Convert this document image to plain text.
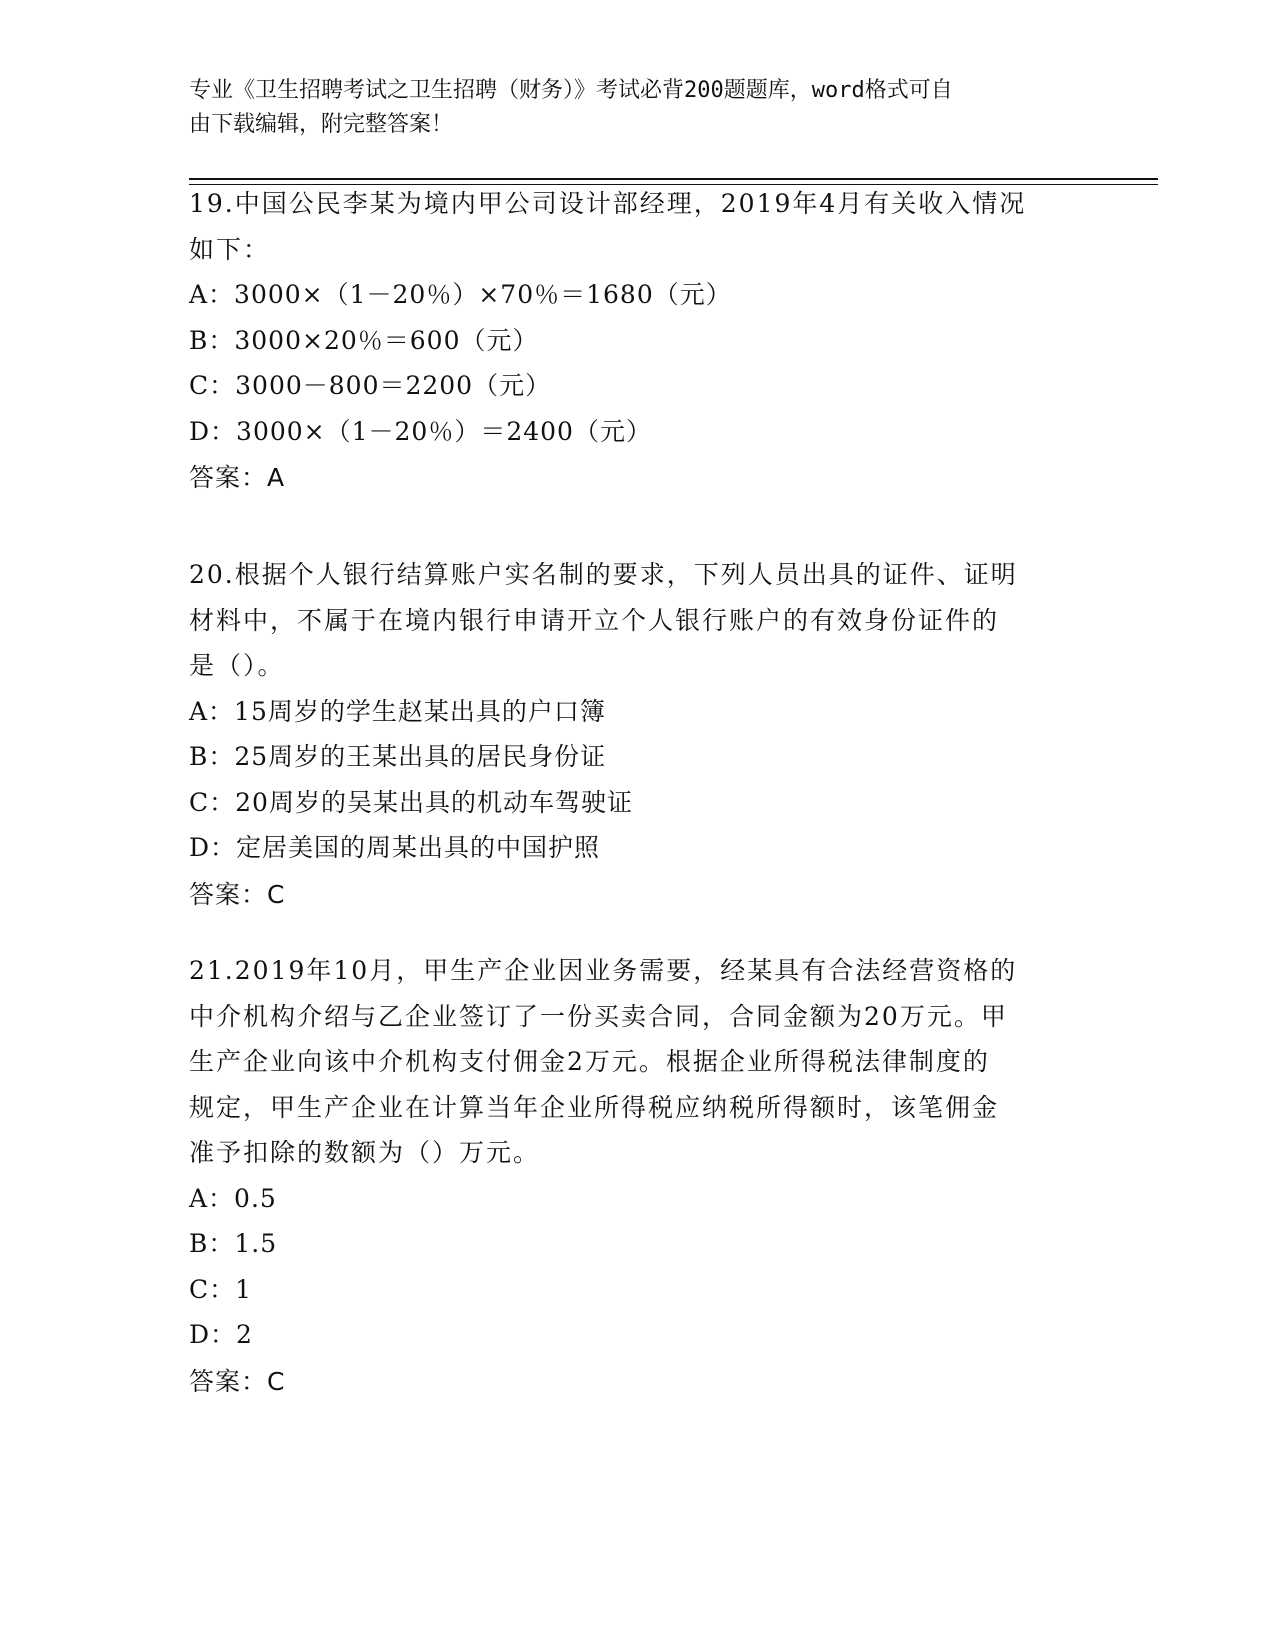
专业《卫生招聘考试之卫生招聘（财务）》考试必背200题题库，word格式可自
由下载编辑，附完整答案！
19.中国公民李某为境内甲公司设计部经理，2019年4月有关收入情况
如下：
A：3000×（1－20％）×70％＝1680（元）
B：3000×20％＝600（元）
C：3000－800＝2200（元）
D：3000×（1－20％）＝2400（元）
答案：A
20.根据个人银行结算账户实名制的要求，下列人员出具的证件、证明
材料中，不属于在境内银行申请开立个人银行账户的有效身份证件的
是（）。
A：15周岁的学生赵某出具的户口簿
B：25周岁的王某出具的居民身份证
C：20周岁的吴某出具的机动车驾驶证
D：定居美国的周某出具的中国护照
答案：C
21.2019年10月，甲生产企业因业务需要，经某具有合法经营资格的
中介机构介绍与乙企业签订了一份买卖合同，合同金额为20万元。甲
生产企业向该中介机构支付佣金2万元。根据企业所得税法律制度的
规定，甲生产企业在计算当年企业所得税应纳税所得额时，该笔佣金
准予扣除的数额为（）万元。
A：0.5
B：1.5
C：1
D：2
答案：C
